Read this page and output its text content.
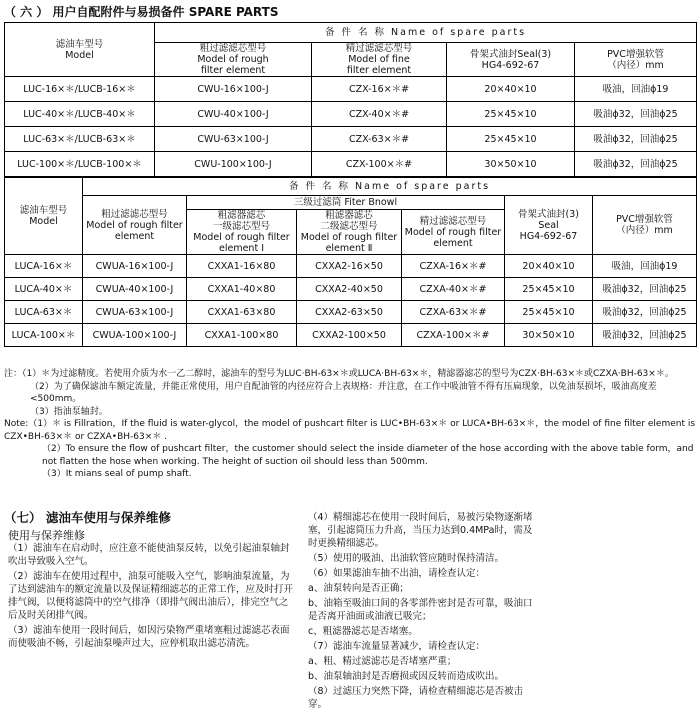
（ 六 ） 用户自配附件与易损备件 SPARE PARTS
滤油车型号
Model	备 件 名 称 Name of spare parts			
	粗过滤滤芯型号
Model of rough
filter element	精过滤滤芯型号
Model of fine
filter element	骨架式油封Seal(3)
HG4-692-67	PVC增强软管
（内径）mm
LUC-16×＊/LUCB-16×＊	CWU-16×100-J	CZX-16×＊#	20×40×10	吸油，回油ϕ19
LUC-40×＊/LUCB-40×＊	CWU-40×100-J	CZX-40×＊#	25×45×10	吸油ϕ32，回油ϕ25
LUC-63×＊/LUCB-63×＊	CWU-63×100-J	CZX-63×＊#	25×45×10	吸油ϕ32，回油ϕ25
LUC-100×＊/LUCB-100×＊	CWU-100×100-J	CZX-100×＊#	30×50×10	吸油ϕ32，回油ϕ25
滤油车型号
Model	备 件 名 称 Name of spare parts					
	粗过滤滤芯型号
Model of rough filter
element	三级过滤筒 Fiter Bnowl			骨架式油封(3)
Seal
HG4-692-67	PVC增强软管
（内径）mm
		粗滤器滤芯
一级滤芯型号
Model of rough filter
element Ⅰ	粗滤器滤芯
二级滤芯型号
Model of rough filter
element Ⅱ	精过滤滤芯型号
Model of rough filter
element		
LUCA-16×＊	CWUA-16×100-J	CXXA1-16×80	CXXA2-16×50	CZXA-16×＊#	20×40×10	吸油，回油ϕ19
LUCA-40×＊	CWUA-40×100-J	CXXA1-40×80	CXXA2-40×50	CZXA-40×＊#	25×45×10	吸油ϕ32，回油ϕ25
LUCA-63×＊	CWUA-63×100-J	CXXA1-63×80	CXXA2-63×50	CZXA-63×＊#	25×45×10	吸油ϕ32，回油ϕ25
LUCA-100×＊	CWUA-100×100-J	CXXA1-100×80	CXXA2-100×50	CZXA-100×＊#	30×50×10	吸油ϕ32，回油ϕ25

注：（1）＊为过滤精度。若使用介质为水一乙二醇时，滤油车的型号为LUC·BH-63×＊或LUCA·BH-63×＊，精滤器滤芯的型号为CZX·BH-63×＊或CZXA·BH-63×＊。

（2）为了确保滤油车额定流量，并能正常使用，用户自配油管的内径应符合上表规格：并注意，在工作中吸油管不得有压扁现象，以免油泵损坏，吸油高度差<500mm。

（3）指油泵轴封。

Note:（1）＊ is Fillration，If the fluid is water-glycol，the model of pushcart filter is LUC•BH-63×＊ or LUCA•BH-63×＊，the model of fine filter element is CZX•BH-63×＊ or CZXA•BH-63×＊ .

（2）To ensure the flow of pushcart filter，the customer should select the inside diameter of the hose according with the above table form，and not flatten the hose when working. The height of suction oil should less than 500mm.

（3）It mians seal of pump shaft.

（七） 滤油车使用与保养维修
使用与保养维修

（1）滤油车在启动时，应注意不能使油泵反转，以免引起油泵轴封吹出导致吸入空气。

（2）滤油车在使用过程中，油泵可能吸入空气，影响油泵流量，为了达到滤油车的额定流量以及保证精细滤芯的正常工作，应及时打开排气阀，以便将滤筒中的空气排净（即排气阀出油后），排完空气之后及时关闭排气阀。

（3）滤油车使用一段时间后，如因污染物严重堵塞粗过滤滤芯表面而使吸油不畅，引起油泵噪声过大，应停机取出滤芯清洗。

（4）精细滤芯在使用一段时间后，易被污染物逐渐堵塞，引起滤筒压力升高，当压力达到0.4MPa时，需及时更换精细滤芯。

（5）使用的吸油、出油软管应随时保持清洁。

（6）如果滤油车抽不出油，请检查认定：

a、油泵转向是否正确；

b、油箱至吸油口间的各零部件密封是否可靠，吸油口是否离开油面或油液已吸完；

c、粗滤器滤芯是否堵塞。

（7）滤油车流量显著减少，请检查认定：

a、粗、精过滤滤芯是否堵塞严重；

b、油泵轴油封是否磨损或因反转而造成吹出。

（8）过滤压力突然下降，请检查精细滤芯是否被击穿。
